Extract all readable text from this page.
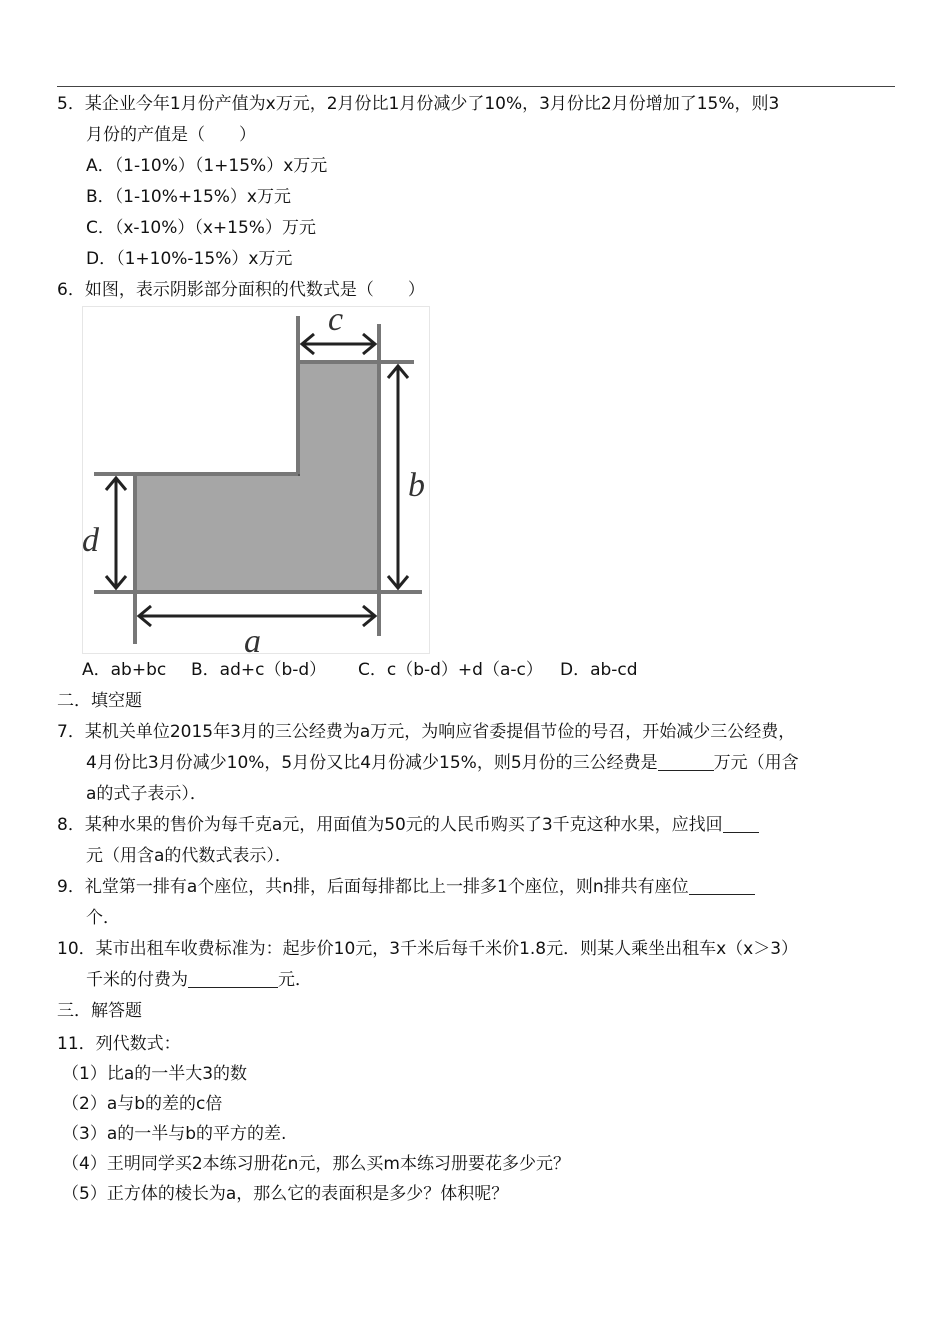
5．某企业今年1月份产值为x万元，2月份比1月份减少了10%，3月份比2月份增加了15%，则3
月份的产值是（　　）
A．（1-10%）（1+15%）x万元
B．（1-10%+15%）x万元
C．（x-10%）（x+15%）万元
D．（1+10%-15%）x万元
6．如图，表示阴影部分面积的代数式是（　　）
c
b
d
a
A．ab+bc B．ad+c（b-d） C．c（b-d）+d（a-c） D．ab-cd
二．填空题
7．某机关单位2015年3月的三公经费为a万元，为响应省委提倡节俭的号召，开始减少三公经费，
4月份比3月份减少10%，5月份又比4月份减少15%，则5月份的三公经费是	万元（用含
a的式子表示）．
8．某种水果的售价为每千克a元，用面值为50元的人民币购买了3千克这种水果，应找回
元（用含a的代数式表示）．
9．礼堂第一排有a个座位，共n排，后面每排都比上一排多1个座位，则n排共有座位
个．
10．某市出租车收费标准为：起步价10元，3千米后每千米价1.8元．则某人乘坐出租车x（x＞3）
千米的付费为	元．
三．解答题
11．列代数式：
（1）比a的一半大3的数
（2）a与b的差的c倍
（3）a的一半与b的平方的差.
（4）王明同学买2本练习册花n元，那么买m本练习册要花多少元？
（5）正方体的棱长为a，那么它的表面积是多少？体积呢？
